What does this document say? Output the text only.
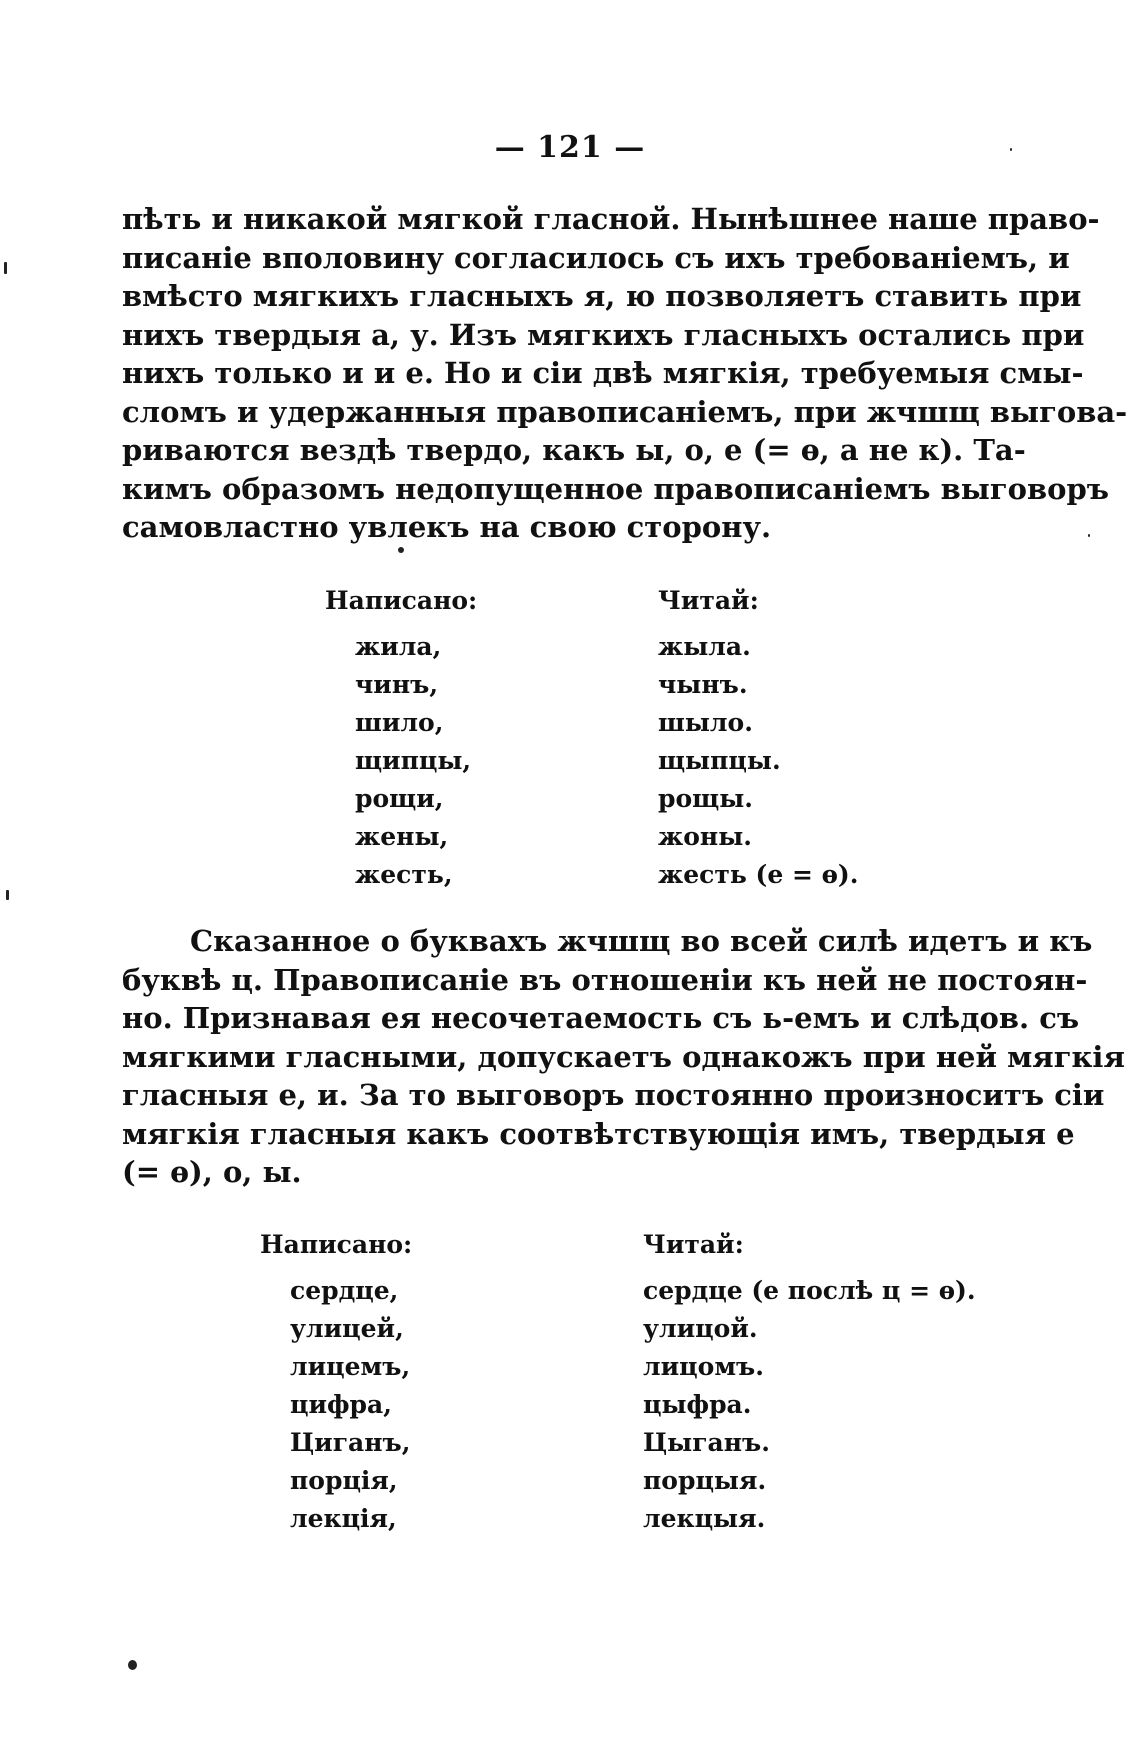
— 121 —
пѣть и никакой мягкой гласной. Нынѣшнее наше право-
писанiе вполовину согласилось съ ихъ требованiемъ, и
вмѣсто мягкихъ гласныхъ я, ю позволяетъ ставить при
нихъ твердыя а, у. Изъ мягкихъ гласныхъ остались при
нихъ только и и е. Но и сiи двѣ мягкiя, требуемыя смы-
сломъ и удержанныя правописанiемъ, при жчшщ выгова-
риваются вездѣ твердо, какъ ы, о, е (= ѳ, а не к). Та-
кимъ образомъ недопущенное правописанiемъ выговоръ
самовластно увлекъ на свою сторону.
Написано:
жила,
чинъ,
шило,
щипцы,
рощи,
жены,
жесть,
Читай:
жыла.
чынъ.
шыло.
щыпцы.
рощы.
жоны.
жесть (е = ѳ).
Сказанное о буквахъ жчшщ во всей силѣ идетъ и къ
буквѣ ц. Правописанiе въ отношенiи къ ней не постоян-
но. Признавая ея несочетаемость съ ь-емъ и слѣдов. съ
мягкими гласными, допускаетъ однакожъ при ней мягкiя
гласныя е, и. За то выговоръ постоянно произноситъ сiи
мягкiя гласныя какъ соотвѣтствующiя имъ, твердыя е
(= ѳ), о, ы.
Написано:
сердце,
улицей,
лицемъ,
цифра,
Циганъ,
порцiя,
лекцiя,
Читай:
сердце (е послѣ ц = ѳ).
улицой.
лицомъ.
цыфра.
Цыганъ.
порцыя.
лекцыя.
